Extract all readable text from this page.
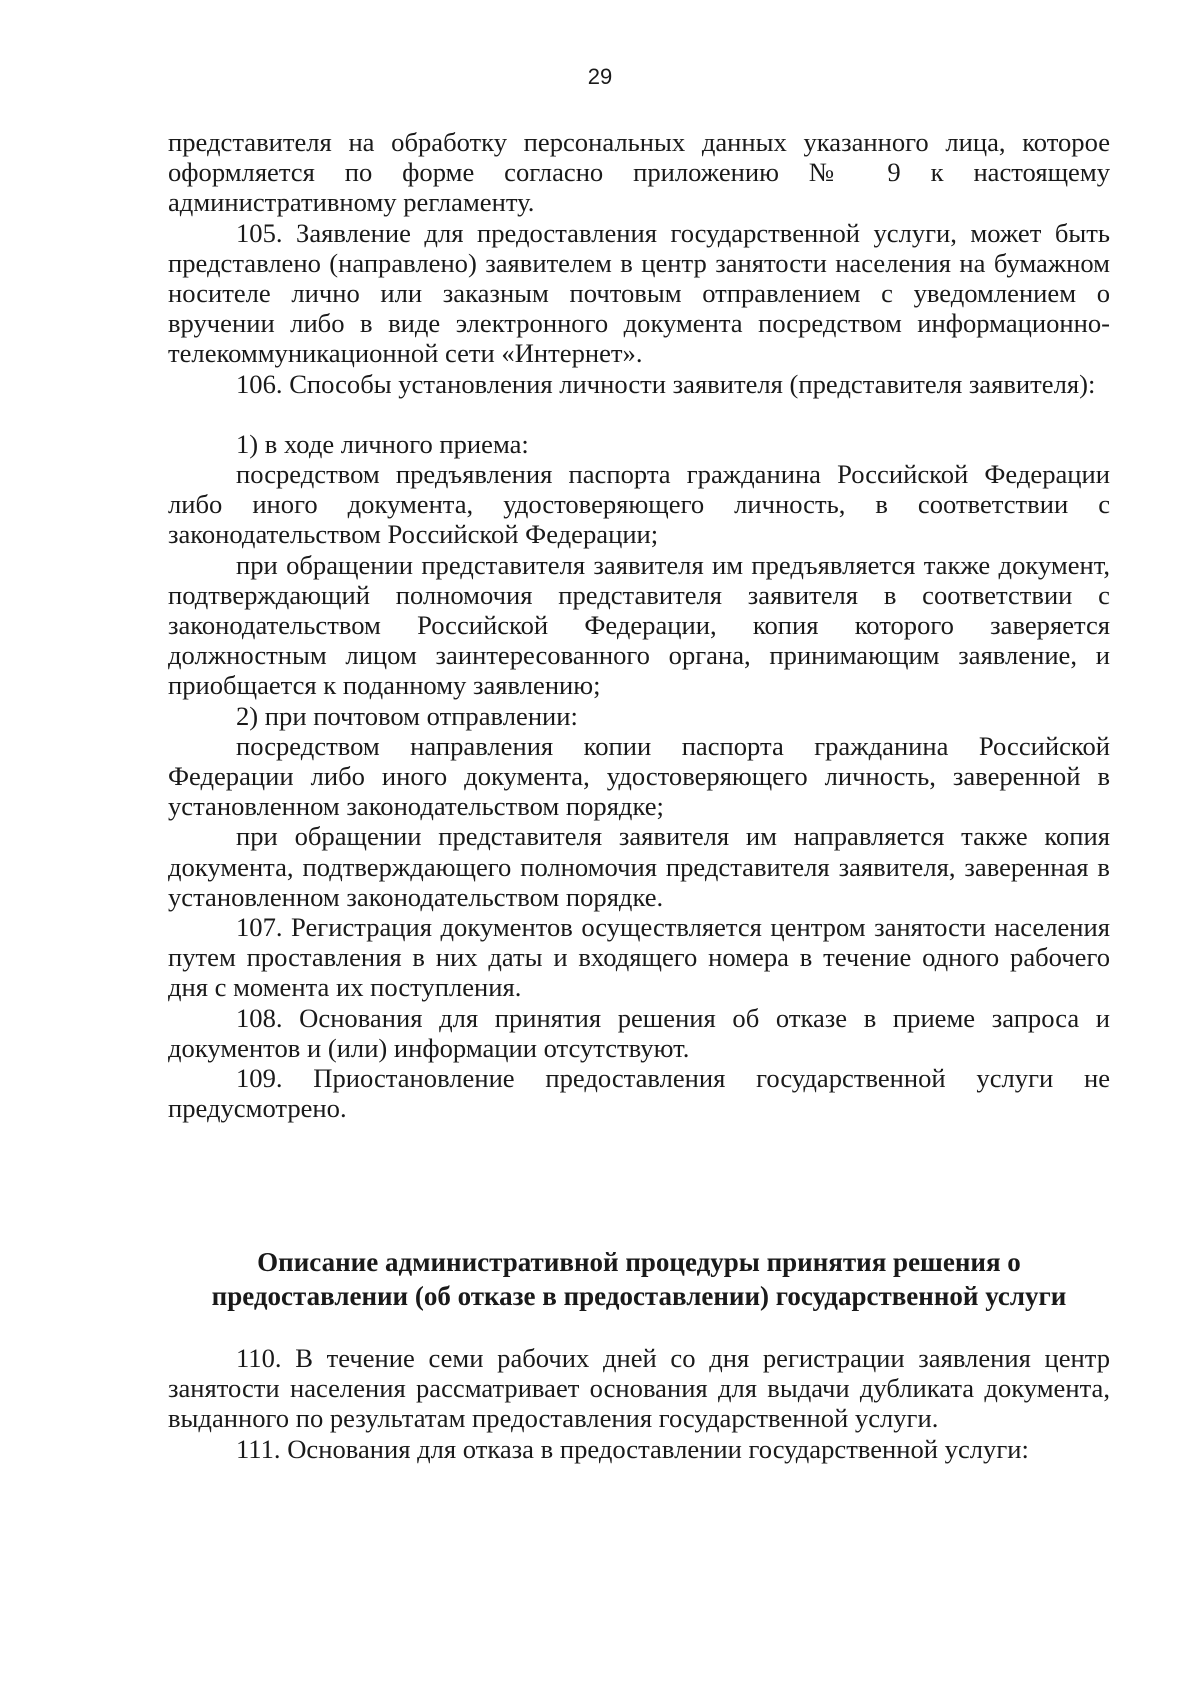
29

представителя на обработку персональных данных указанного лица, которое оформляется по форме согласно приложению № 9 к настоящему административному регламенту.

105. Заявление для предоставления государственной услуги, может быть представлено (направлено) заявителем в центр занятости населения на бумажном носителе лично или заказным почтовым отправлением с уведомлением о вручении либо в виде электронного документа посредством информационно-телекоммуникационной сети «Интернет».

106. Способы установления личности заявителя (представителя заявителя):

1) в ходе личного приема:

посредством предъявления паспорта гражданина Российской Федерации либо иного документа, удостоверяющего личность, в соответствии с законодательством Российской Федерации;

при обращении представителя заявителя им предъявляется также документ, подтверждающий полномочия представителя заявителя в соответствии с законодательством Российской Федерации, копия которого заверяется должностным лицом заинтересованного органа, принимающим заявление, и приобщается к поданному заявлению;

2) при почтовом отправлении:

посредством направления копии паспорта гражданина Российской Федерации либо иного документа, удостоверяющего личность, заверенной в установленном законодательством порядке;

при обращении представителя заявителя им направляется также копия документа, подтверждающего полномочия представителя заявителя, заверенная в установленном законодательством порядке.

107. Регистрация документов осуществляется центром занятости населения путем проставления в них даты и входящего номера в течение одного рабочего дня с момента их поступления.

108. Основания для принятия решения об отказе в приеме запроса и документов и (или) информации отсутствуют.

109. Приостановление предоставления государственной услуги не предусмотрено.

Описание административной процедуры принятия решения о

предоставлении (об отказе в предоставлении) государственной услуги

110. В течение семи рабочих дней со дня регистрации заявления центр занятости населения рассматривает основания для выдачи дубликата документа, выданного по результатам предоставления государственной услуги.

111. Основания для отказа в предоставлении государственной услуги:
